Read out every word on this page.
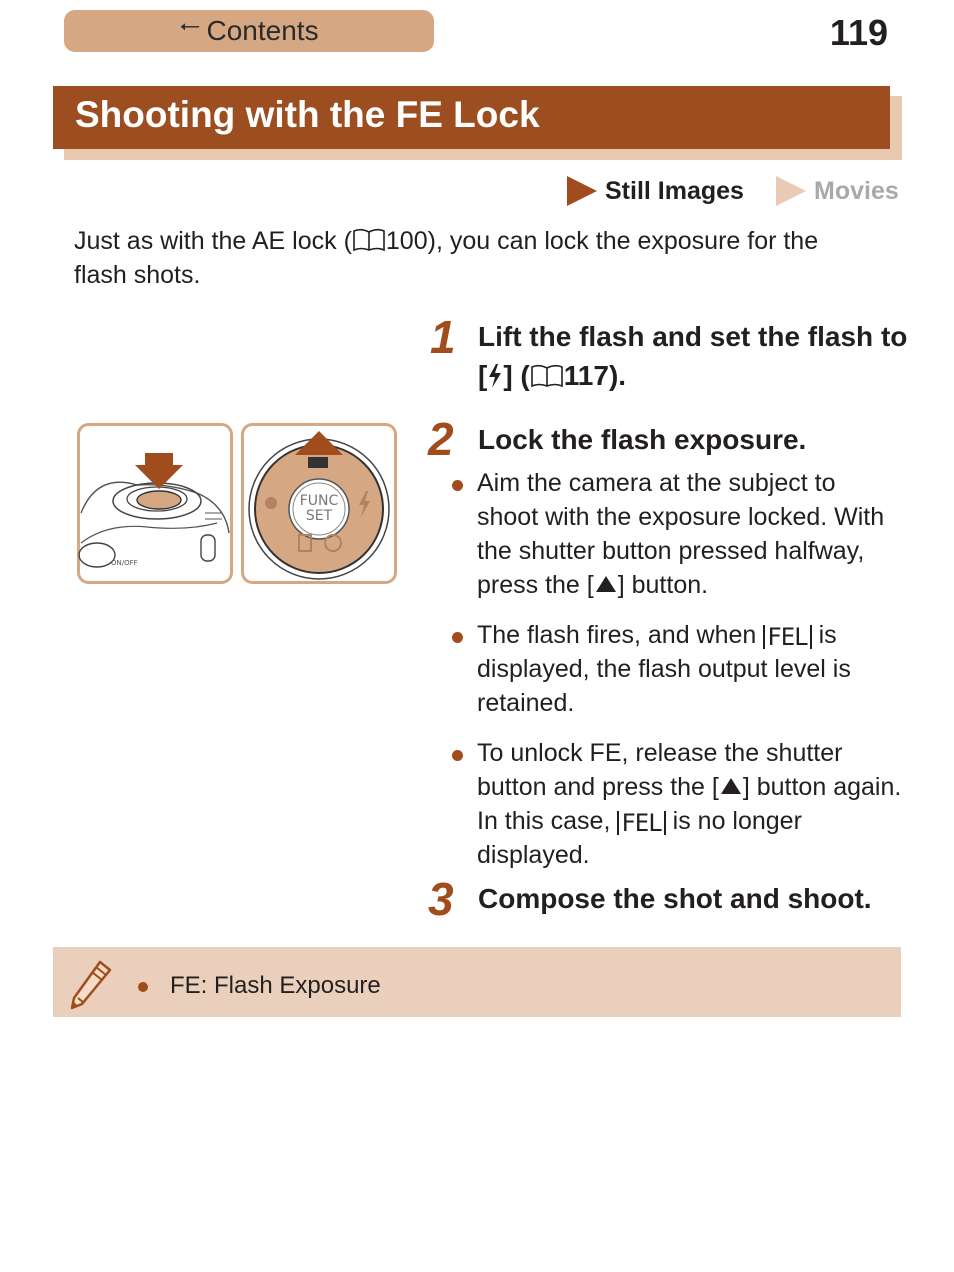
🠀 Contents	119
Shooting with the FE Lock
Still Images	Movies
Just as with the AE lock ( 100), you can lock the exposure for the flash shots.
1 Lift the flash and set the flash to [ ] ( 117).
ON/OFF
FUNC
SET
2 Lock the flash exposure.
Aim the camera at the subject to shoot with the exposure locked. With the shutter button pressed halfway, press the [ ] button.
The flash fires, and when FEL is displayed, the flash output level is retained.
To unlock FE, release the shutter button and press the [ ] button again. In this case, FEL is no longer displayed.
3 Compose the shot and shoot.
FE: Flash Exposure
